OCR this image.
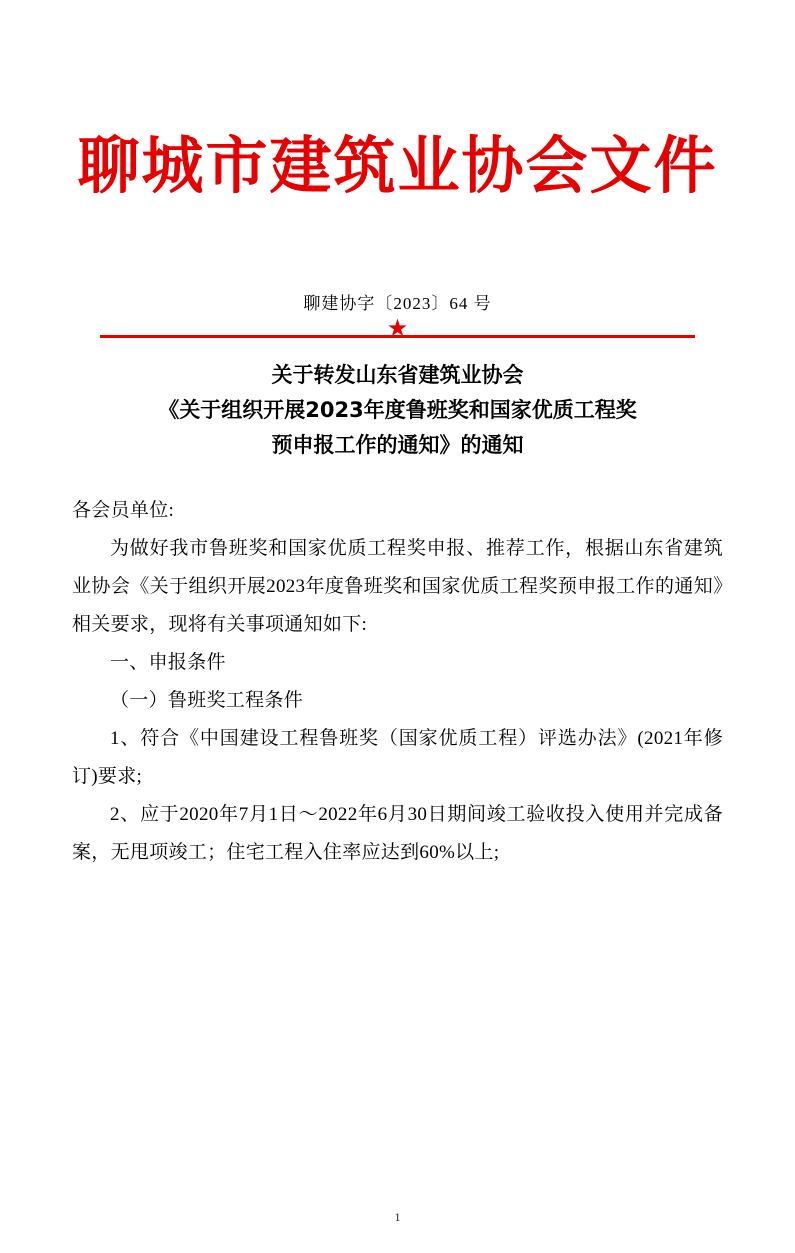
聊城市建筑业协会文件
聊建协字〔2023〕64 号
★
关于转发山东省建筑业协会
《关于组织开展2023年度鲁班奖和国家优质工程奖
预申报工作的通知》的通知

各会员单位:

为做好我市鲁班奖和国家优质工程奖申报、推荐工作，根据山东省建筑业协会《关于组织开展2023年度鲁班奖和国家优质工程奖预申报工作的通知》相关要求，现将有关事项通知如下:

一、申报条件

（一）鲁班奖工程条件

1、符合《中国建设工程鲁班奖（国家优质工程）评选办法》(2021年修订)要求;

2、应于2020年7月1日～2022年6月30日期间竣工验收投入使用并完成备案，无甩项竣工；住宅工程入住率应达到60%以上;

1
